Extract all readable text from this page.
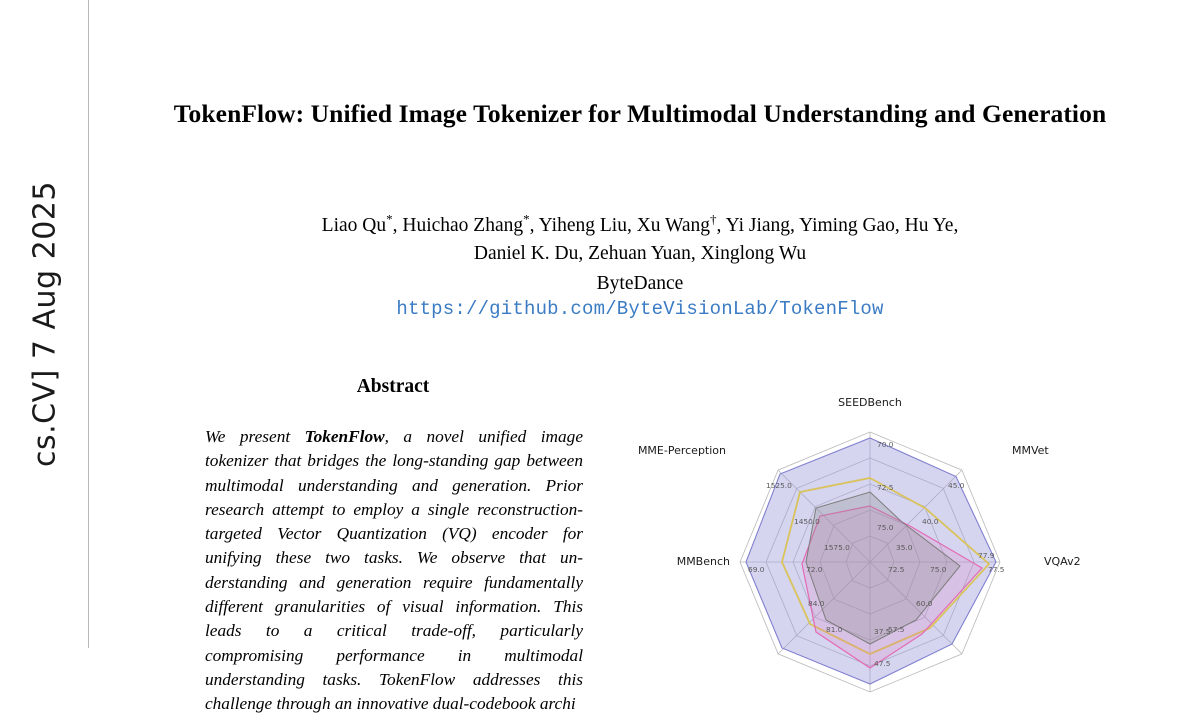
cs.CV] 7 Aug 2025
TokenFlow: Unified Image Tokenizer for Multimodal Understanding and Generation
Liao Qu*, Huichao Zhang*, Yiheng Liu, Xu Wang†, Yi Jiang, Yiming Gao, Hu Ye,
Daniel K. Du, Zehuan Yuan, Xinglong Wu
ByteDance
https://github.com/ByteVisionLab/TokenFlow
Abstract
We present TokenFlow, a novel unified image tokenizer that bridges the long-standing gap between multimodal understanding and generation. Prior research attempt to employ a single reconstruction-targeted Vector Quantization (VQ) encoder for unifying these two tasks. We observe that understanding and generation require fundamentally different granularities of visual information. This leads to a critical trade-off, particularly compromising performance in multimodal understanding tasks. TokenFlow addresses this challenge through an innovative dual-codebook archi
SEEDBench
MMVet
VQAv2
MMBench
MME-Perception	70.0
72.5
75.0
45.0
40.0
35.0
77.5
75.0
72.5
60.0
57.5
37.5
47.5
81.0
84.0
69.0	72.0
1525.0
1450.0
1575.0
77.9
